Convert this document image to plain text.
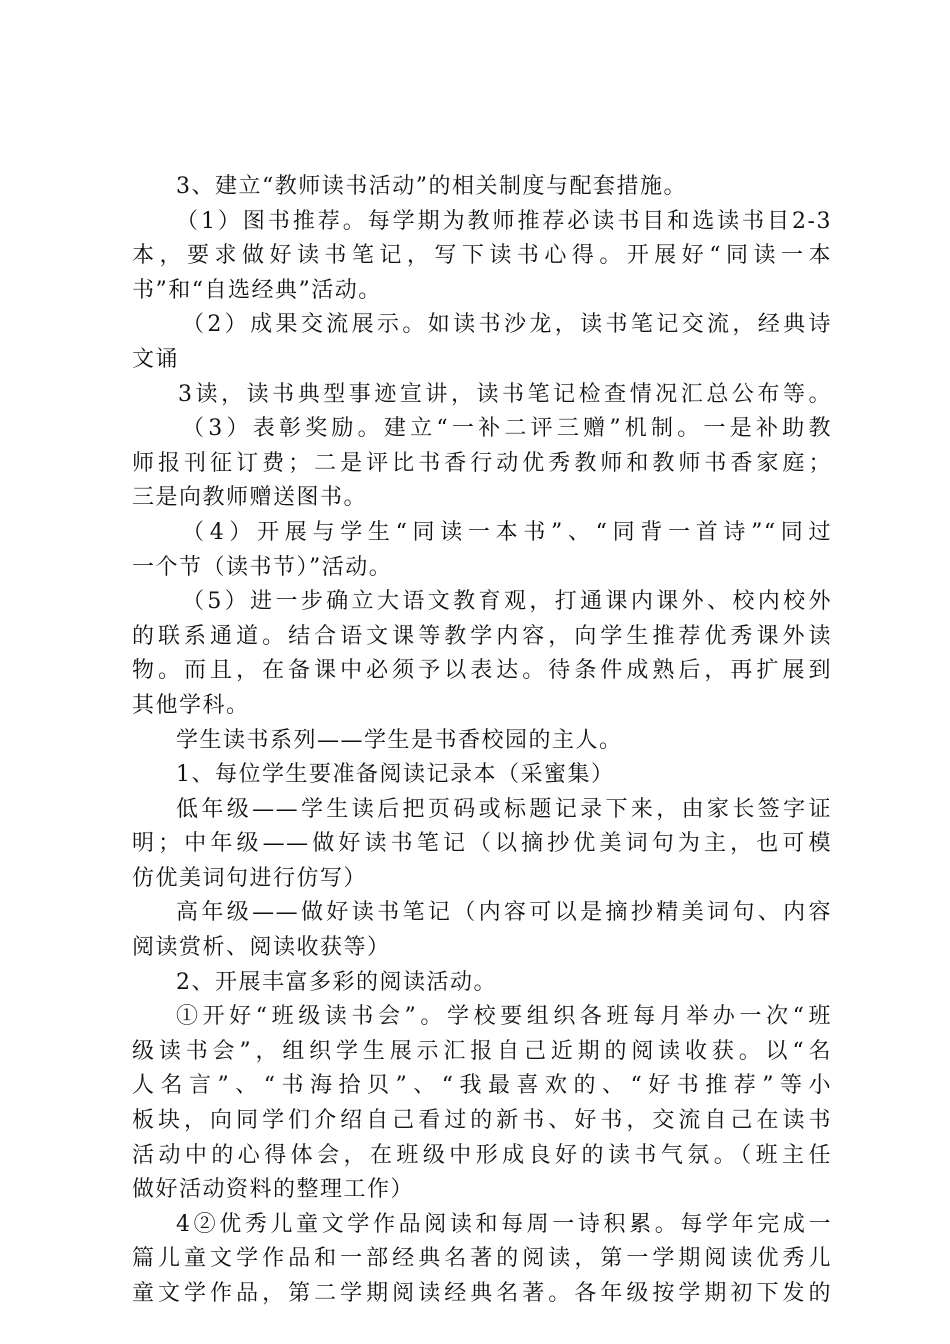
3、建立“教师读书活动”的相关制度与配套措施。
（1）图书推荐。每学期为教师推荐必读书目和选读书目2-3
本，要求做好读书笔记，写下读书心得。开展好“同读一本
书”和“自选经典”活动。
（2）成果交流展示。如读书沙龙，读书笔记交流，经典诗
文诵
3读，读书典型事迹宣讲，读书笔记检查情况汇总公布等。
（3）表彰奖励。建立“一补二评三赠”机制。一是补助教
师报刊征订费；二是评比书香行动优秀教师和教师书香家庭；
三是向教师赠送图书。
（4）开展与学生“同读一本书”、“同背一首诗”“同过
一个节（读书节）”活动。
（5）进一步确立大语文教育观，打通课内课外、校内校外
的联系通道。结合语文课等教学内容，向学生推荐优秀课外读
物。而且，在备课中必须予以表达。待条件成熟后，再扩展到
其他学科。
学生读书系列——学生是书香校园的主人。
1、每位学生要准备阅读记录本（采蜜集）
低年级——学生读后把页码或标题记录下来，由家长签字证
明；中年级——做好读书笔记（以摘抄优美词句为主，也可模
仿优美词句进行仿写）
高年级——做好读书笔记（内容可以是摘抄精美词句、内容
阅读赏析、阅读收获等）
2、开展丰富多彩的阅读活动。
①开好“班级读书会”。学校要组织各班每月举办一次“班
级读书会”，组织学生展示汇报自己近期的阅读收获。以“名
人名言”、“书海拾贝”、“我最喜欢的、“好书推荐”等小
板块，向同学们介绍自己看过的新书、好书，交流自己在读书
活动中的心得体会，在班级中形成良好的读书气氛。（班主任
做好活动资料的整理工作）
4②优秀儿童文学作品阅读和每周一诗积累。每学年完成一
篇儿童文学作品和一部经典名著的阅读，第一学期阅读优秀儿
童文学作品，第二学期阅读经典名著。各年级按学期初下发的
